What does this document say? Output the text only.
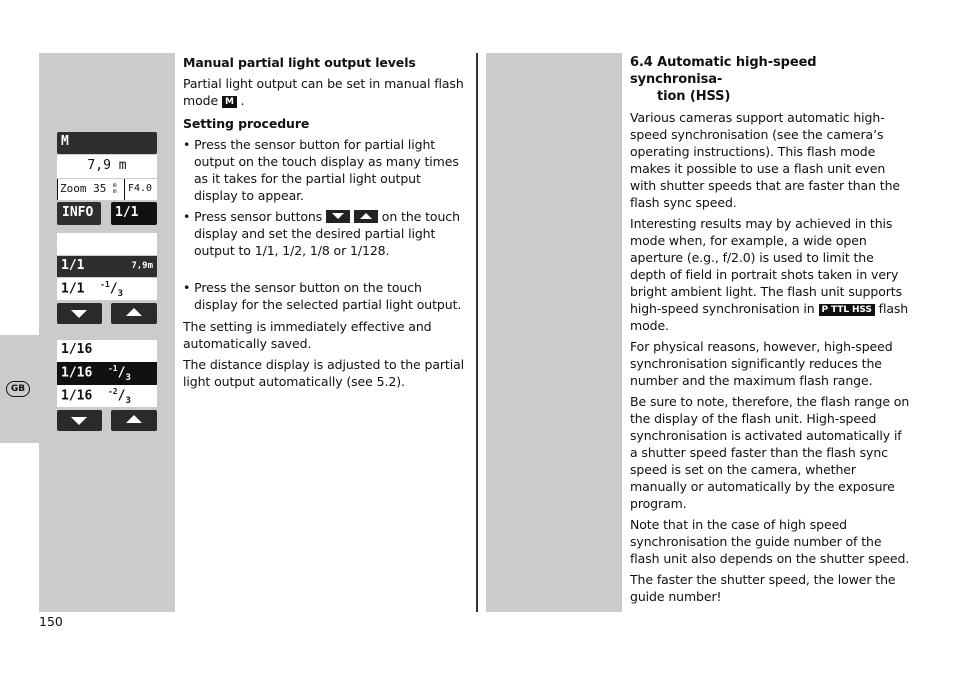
GB
M
7,9 m
Zoom 35 m
m	F4.0
INFO	1/1
1/1	7,9m
1/1 $^{-1}/_3$
1/16
1/16 $^{-1}/_3$
1/16 $^{-2}/_3$

Manual partial light output levels

Partial light output can be set in manual flash mode M .

Setting procedure

• Press the sensor button for partial light output on the touch display as many times as it takes for the partial light output display to appear.

• Press sensor buttons
	on the touch display and set the desired partial light output to 1/1, 1/2, 1/8 or 1/128.

• Press the sensor button on the touch display for the selected partial light output.

The setting is immediately effective and automatically saved.

The distance display is adjusted to the partial light output automatically (see 5.2).

6.4 Automatic high-speed synchronisa-
tion (HSS)

Various cameras support automatic high-speed synchronisation (see the camera’s operating instructions). This flash mode makes it possible to use a flash unit even with shutter speeds that are faster than the flash sync speed.

Interesting results may by achieved in this mode when, for example, a wide open aperture (e.g., f/2.0) is used to limit the depth of field in portrait shots taken in very bright ambient light. The flash unit supports high-speed synchronisation in P TTL HSS flash mode.

For physical reasons, however, high-speed synchronisation significantly reduces the number and the maximum flash range.

Be sure to note, therefore, the flash range on the display of the flash unit. High-speed synchronisation is activated automatically if a shutter speed faster than the flash sync speed is set on the camera, whether manually or automatically by the exposure program.

Note that in the case of high speed synchronisation the guide number of the flash unit also depends on the shutter speed.

The faster the shutter speed, the lower the guide number!

150
